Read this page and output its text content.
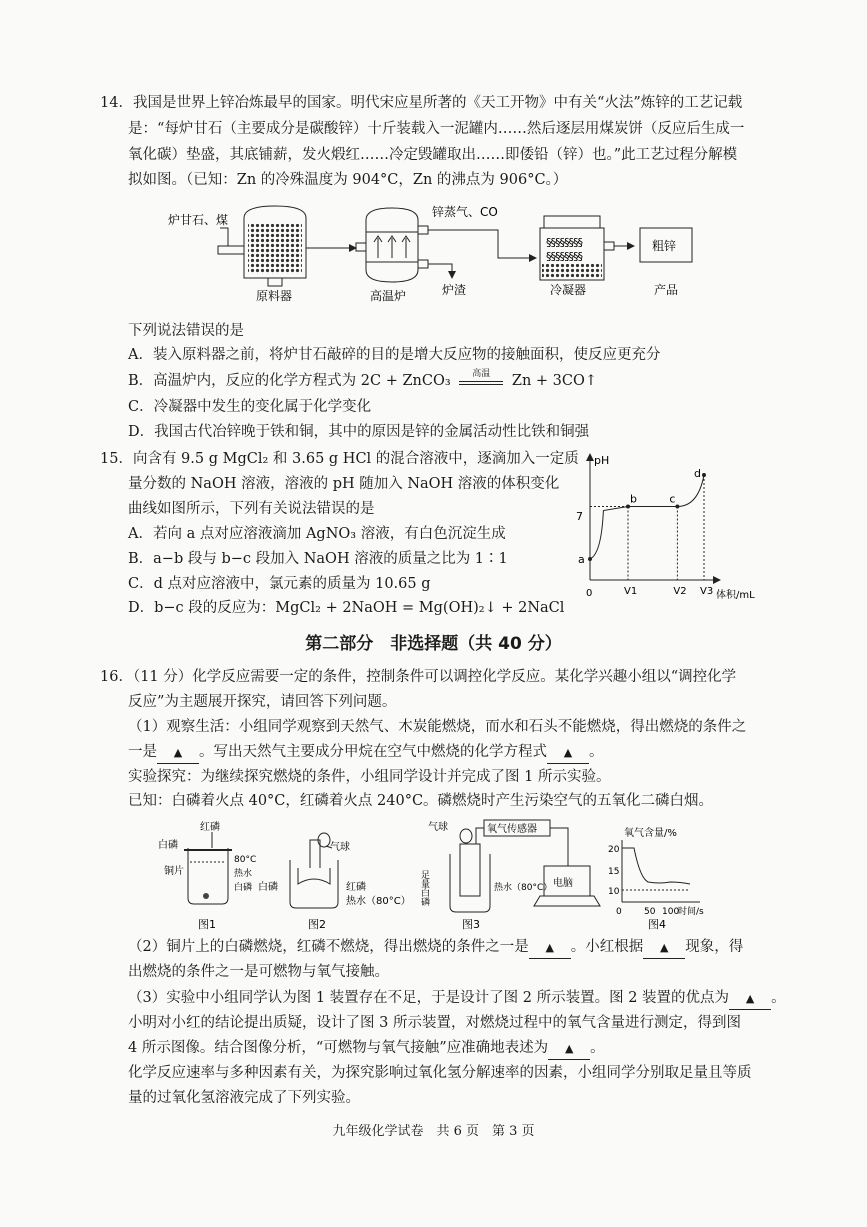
14．我国是世界上锌冶炼最早的国家。明代宋应星所著的《天工开物》中有关“火法”炼锌的工艺记载
是：“每炉甘石（主要成分是碳酸锌）十斤装载入一泥罐内……然后逐层用煤炭饼（反应后生成一
氧化碳）垫盛，其底铺薪，发火煅红……冷定毁罐取出……即倭铅（锌）也。”此工艺过程分解模
拟如图。（已知：Zn 的冷殊温度为 904°C，Zn 的沸点为 906°C。）
炉甘石、煤
原料器	高温炉	炉渣
锌蒸气、CO
§§§§§§§§
§§§§§§§§
冷凝器
粗锌
产品
下列说法错误的是
A．装入原料器之前，将炉甘石敲碎的目的是增大反应物的接触面积，使反应更充分
B．高温炉内，反应的化学方程式为 2C + ZnCO₃	高温	Zn + 3CO↑
C．冷凝器中发生的变化属于化学变化
D．我国古代冶锌晚于铁和铜，其中的原因是锌的金属活动性比铁和铜强
15．向含有 9.5 g MgCl₂ 和 3.65 g HCl 的混合溶液中，逐滴加入一定质
量分数的 NaOH 溶液，溶液的 pH 随加入 NaOH 溶液的体积变化
曲线如图所示，下列有关说法错误的是
A．若向 a 点对应溶液滴加 AgNO₃ 溶液，有白色沉淀生成
B．a−b 段与 b−c 段加入 NaOH 溶液的质量之比为 1∶1
C．d 点对应溶液中，氯元素的质量为 10.65 g
D．b−c 段的反应为：MgCl₂ + 2NaOH = Mg(OH)₂↓ + 2NaCl
pH
体积/mL
7
0	V1	V2 V3
a
b	c
d
第二部分　非选择题（共 40 分）
16．（11 分）化学反应需要一定的条件，控制条件可以调控化学反应。某化学兴趣小组以“调控化学
反应”为主题展开探究，请回答下列问题。
（1）观察生活：小组同学观察到天然气、木炭能燃烧，而水和石头不能燃烧，得出燃烧的条件之
一是 ▲ 。写出天然气主要成分甲烷在空气中燃烧的化学方程式 ▲ 。
实验探究：为继续探究燃烧的条件，小组同学设计并完成了图 1 所示实验。
已知：白磷着火点 40°C，红磷着火点 240°C。磷燃烧时产生污染空气的五氧化二磷白烟。
红磷
白磷
铜片
80°C
热水
白磷
图1
气球
白磷	红磷
热水（80°C）
图2
气球	氧气传感器
足量白磷	热水（80°C） 电脑
图3
氧气含量/%
20
15
10
0 50 100
时间/s
图4
（2）铜片上的白磷燃烧，红磷不燃烧，得出燃烧的条件之一是 ▲ 。小红根据 ▲ 现象，得
出燃烧的条件之一是可燃物与氧气接触。
（3）实验中小组同学认为图 1 装置存在不足，于是设计了图 2 所示装置。图 2 装置的优点为 ▲ 。
小明对小红的结论提出质疑，设计了图 3 所示装置，对燃烧过程中的氧气含量进行测定，得到图
4 所示图像。结合图像分析，“可燃物与氧气接触”应准确地表述为 ▲ 。
化学反应速率与多种因素有关，为探究影响过氧化氢分解速率的因素，小组同学分别取足量且等质
量的过氧化氢溶液完成了下列实验。
九年级化学试卷　共 6 页　第 3 页
